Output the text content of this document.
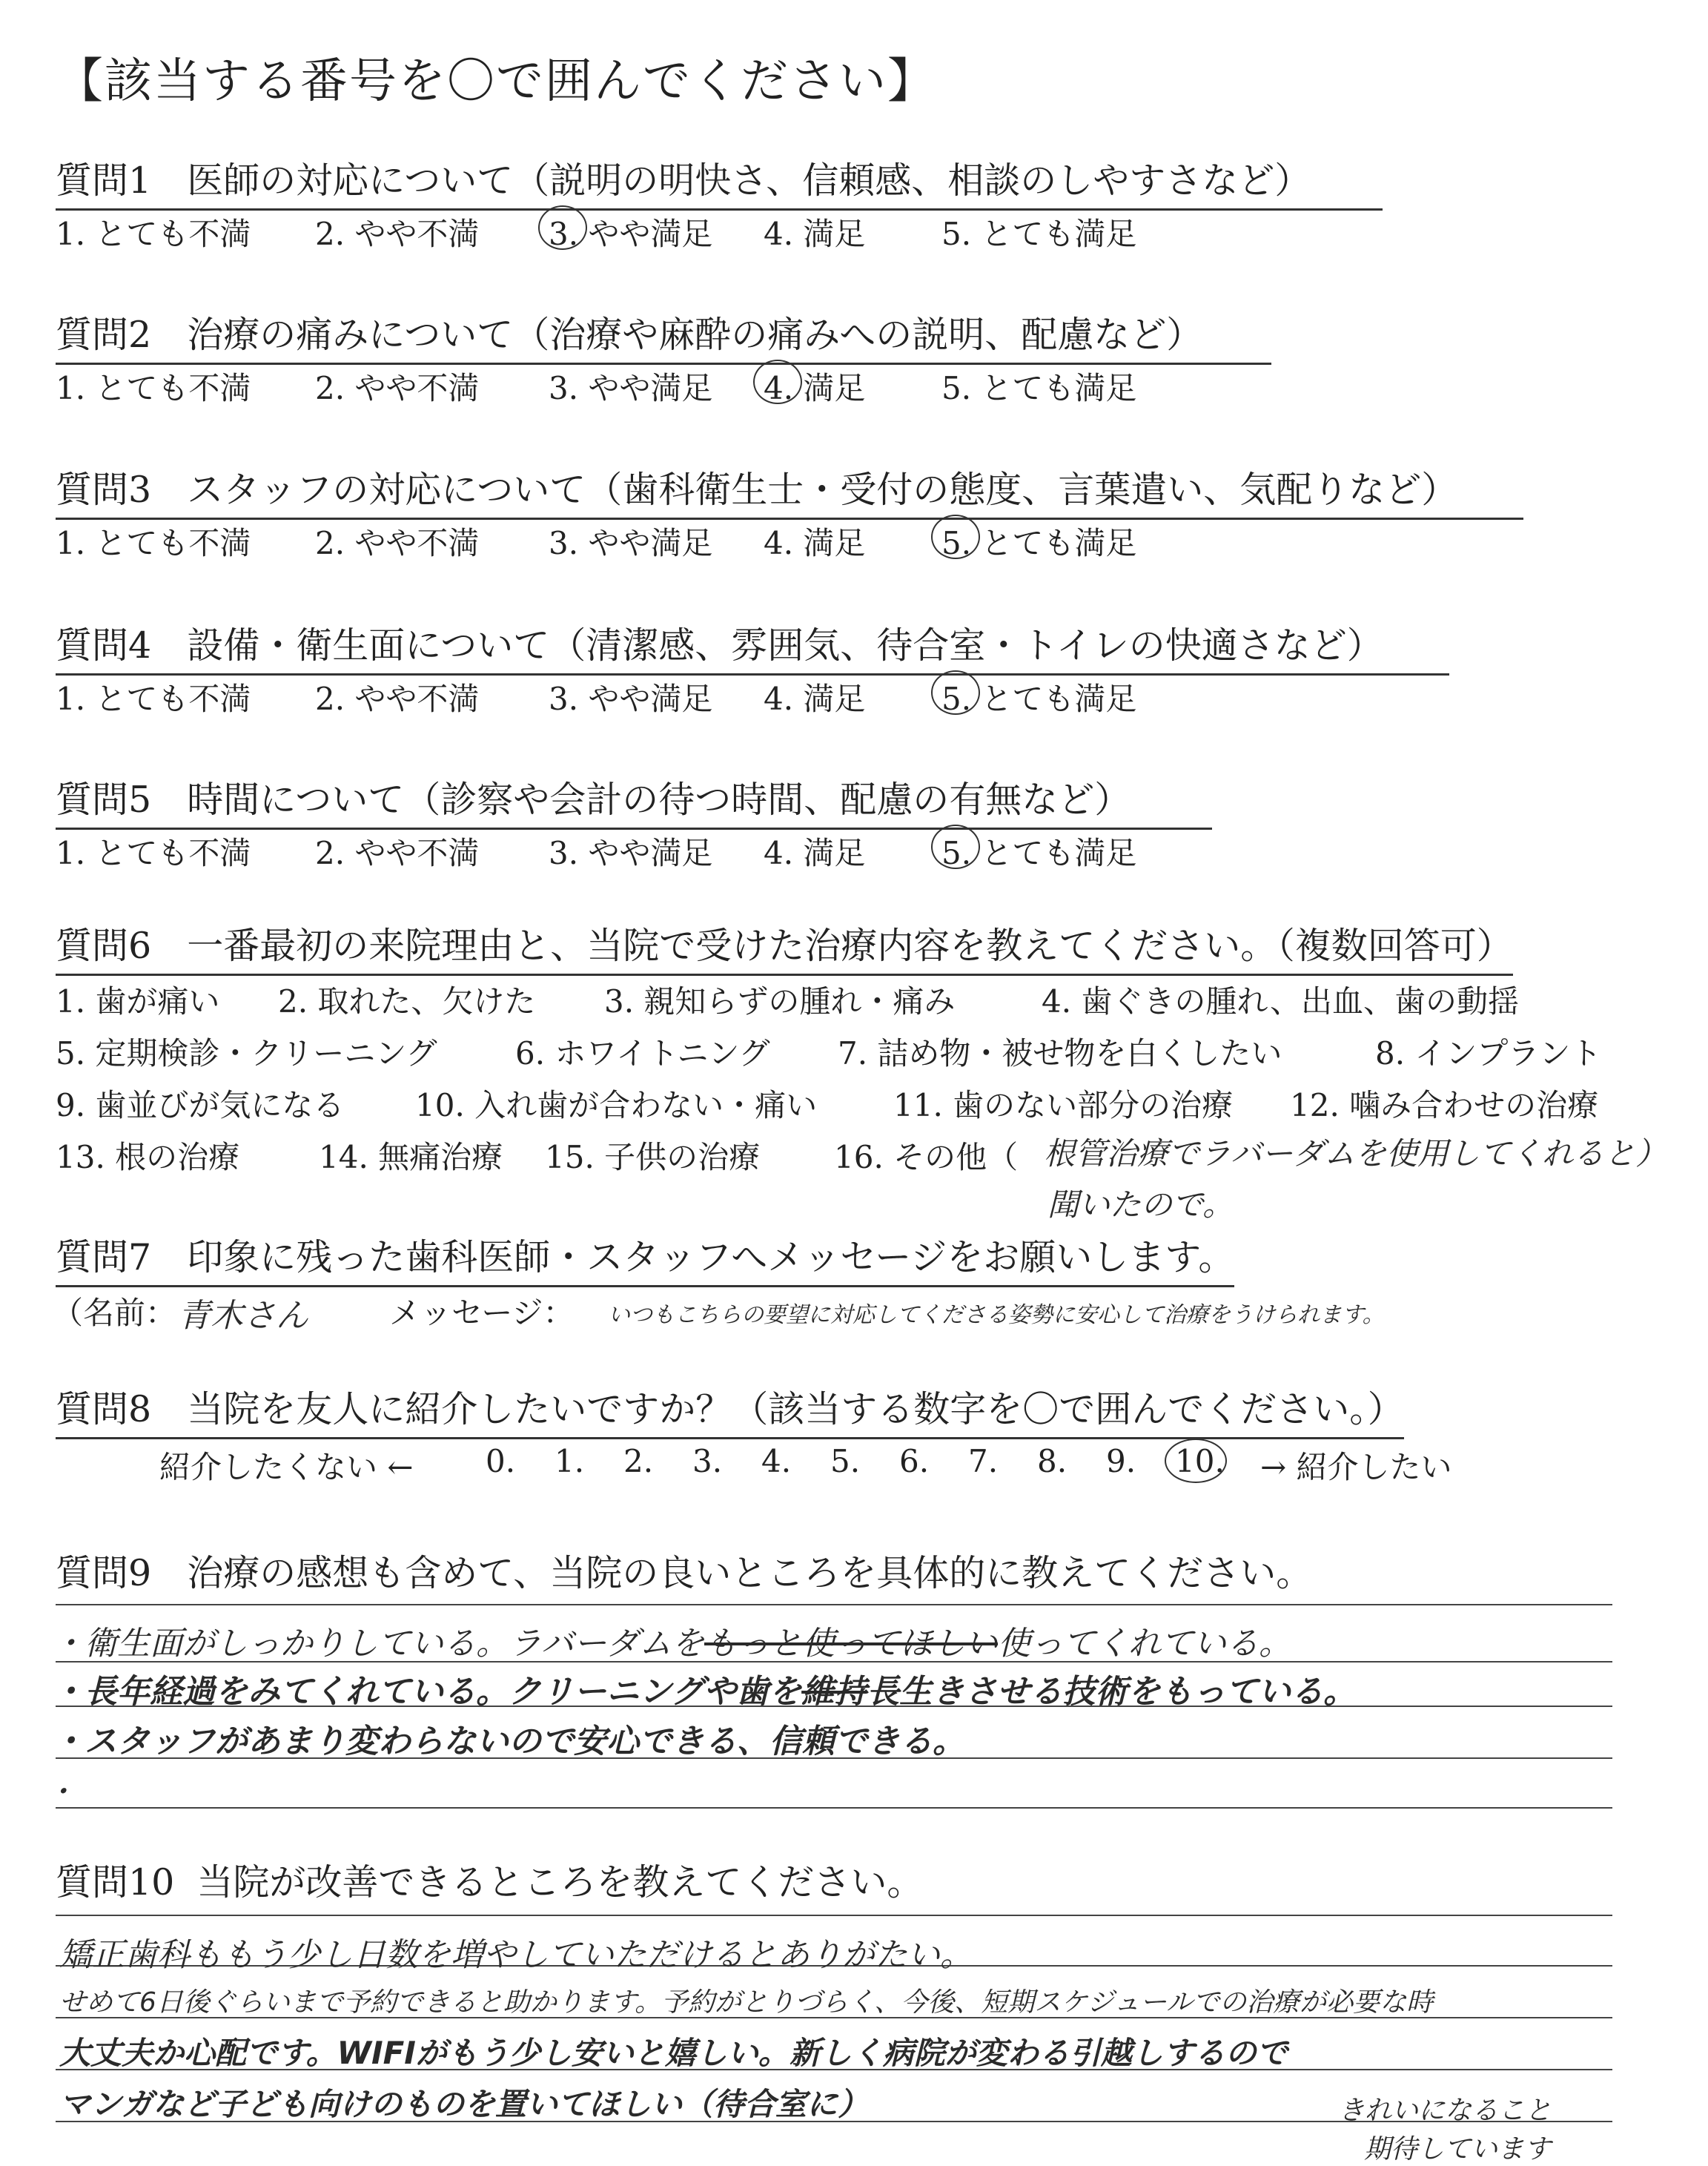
【該当する番号を〇で囲んでください】
質問1 医師の対応について（説明の明快さ、信頼感、相談のしやすさなど）
1. とても不満 2. やや不満 3. やや満足 4. 満足 5. とても満足
質問2 治療の痛みについて（治療や麻酔の痛みへの説明、配慮など）
1. とても不満 2. やや不満 3. やや満足 4. 満足 5. とても満足
質問3 スタッフの対応について（歯科衛生士・受付の態度、言葉遣い、気配りなど）
1. とても不満 2. やや不満 3. やや満足 4. 満足 5. とても満足
質問4 設備・衛生面について（清潔感、雰囲気、待合室・トイレの快適さなど）
1. とても不満 2. やや不満 3. やや満足 4. 満足 5. とても満足
質問5 時間について（診察や会計の待つ時間、配慮の有無など）
1. とても不満 2. やや不満 3. やや満足 4. 満足 5. とても満足
質問6 一番最初の来院理由と、当院で受けた治療内容を教えてください。（複数回答可）
1. 歯が痛い 2. 取れた、欠けた 3. 親知らずの腫れ・痛み	4. 歯ぐきの腫れ、出血、歯の動揺
5. 定期検診・クリーニング	6. ホワイトニング 7. 詰め物・被せ物を白くしたい	8. インプラント
9. 歯並びが気になる 10. 入れ歯が合わない・痛い 11. 歯のない部分の治療 12. 噛み合わせの治療
13. 根の治療	14. 無痛治療 15. 子供の治療 16. その他（ 根管治療でラバーダムを使用してくれると）
聞いたので。
質問7 印象に残った歯科医師・スタッフへメッセージをお願いします。
（名前： 青木さん	メッセージ： いつもこちらの要望に対応してくださる姿勢に安心して治療をうけられます。
質問8 当院を友人に紹介したいですか？（該当する数字を〇で囲んでください。）
紹介したくない ← 0. 1. 2. 3. 4. 5. 6. 7. 8. 9. 10. → 紹介したい
質問9 治療の感想も含めて、当院の良いところを具体的に教えてください。
・衛生面がしっかりしている。ラバーダムをもっと使ってほしい使ってくれている。
・長年経過をみてくれている。クリーニングや歯を維持長生きさせる技術をもっている。
・スタッフがあまり変わらないので安心できる、信頼できる。
・
質問10 当院が改善できるところを教えてください。
矯正歯科ももう少し日数を増やしていただけるとありがたい。
せめて6日後ぐらいまで予約できると助かります。予約がとりづらく、今後、短期スケジュールでの治療が必要な時
大丈夫か心配です。WIFIがもう少し安いと嬉しい。新しく病院が変わる引越しするので
マンガなど子ども向けのものを置いてほしい（待合室に）	きれいになること
期待しています
